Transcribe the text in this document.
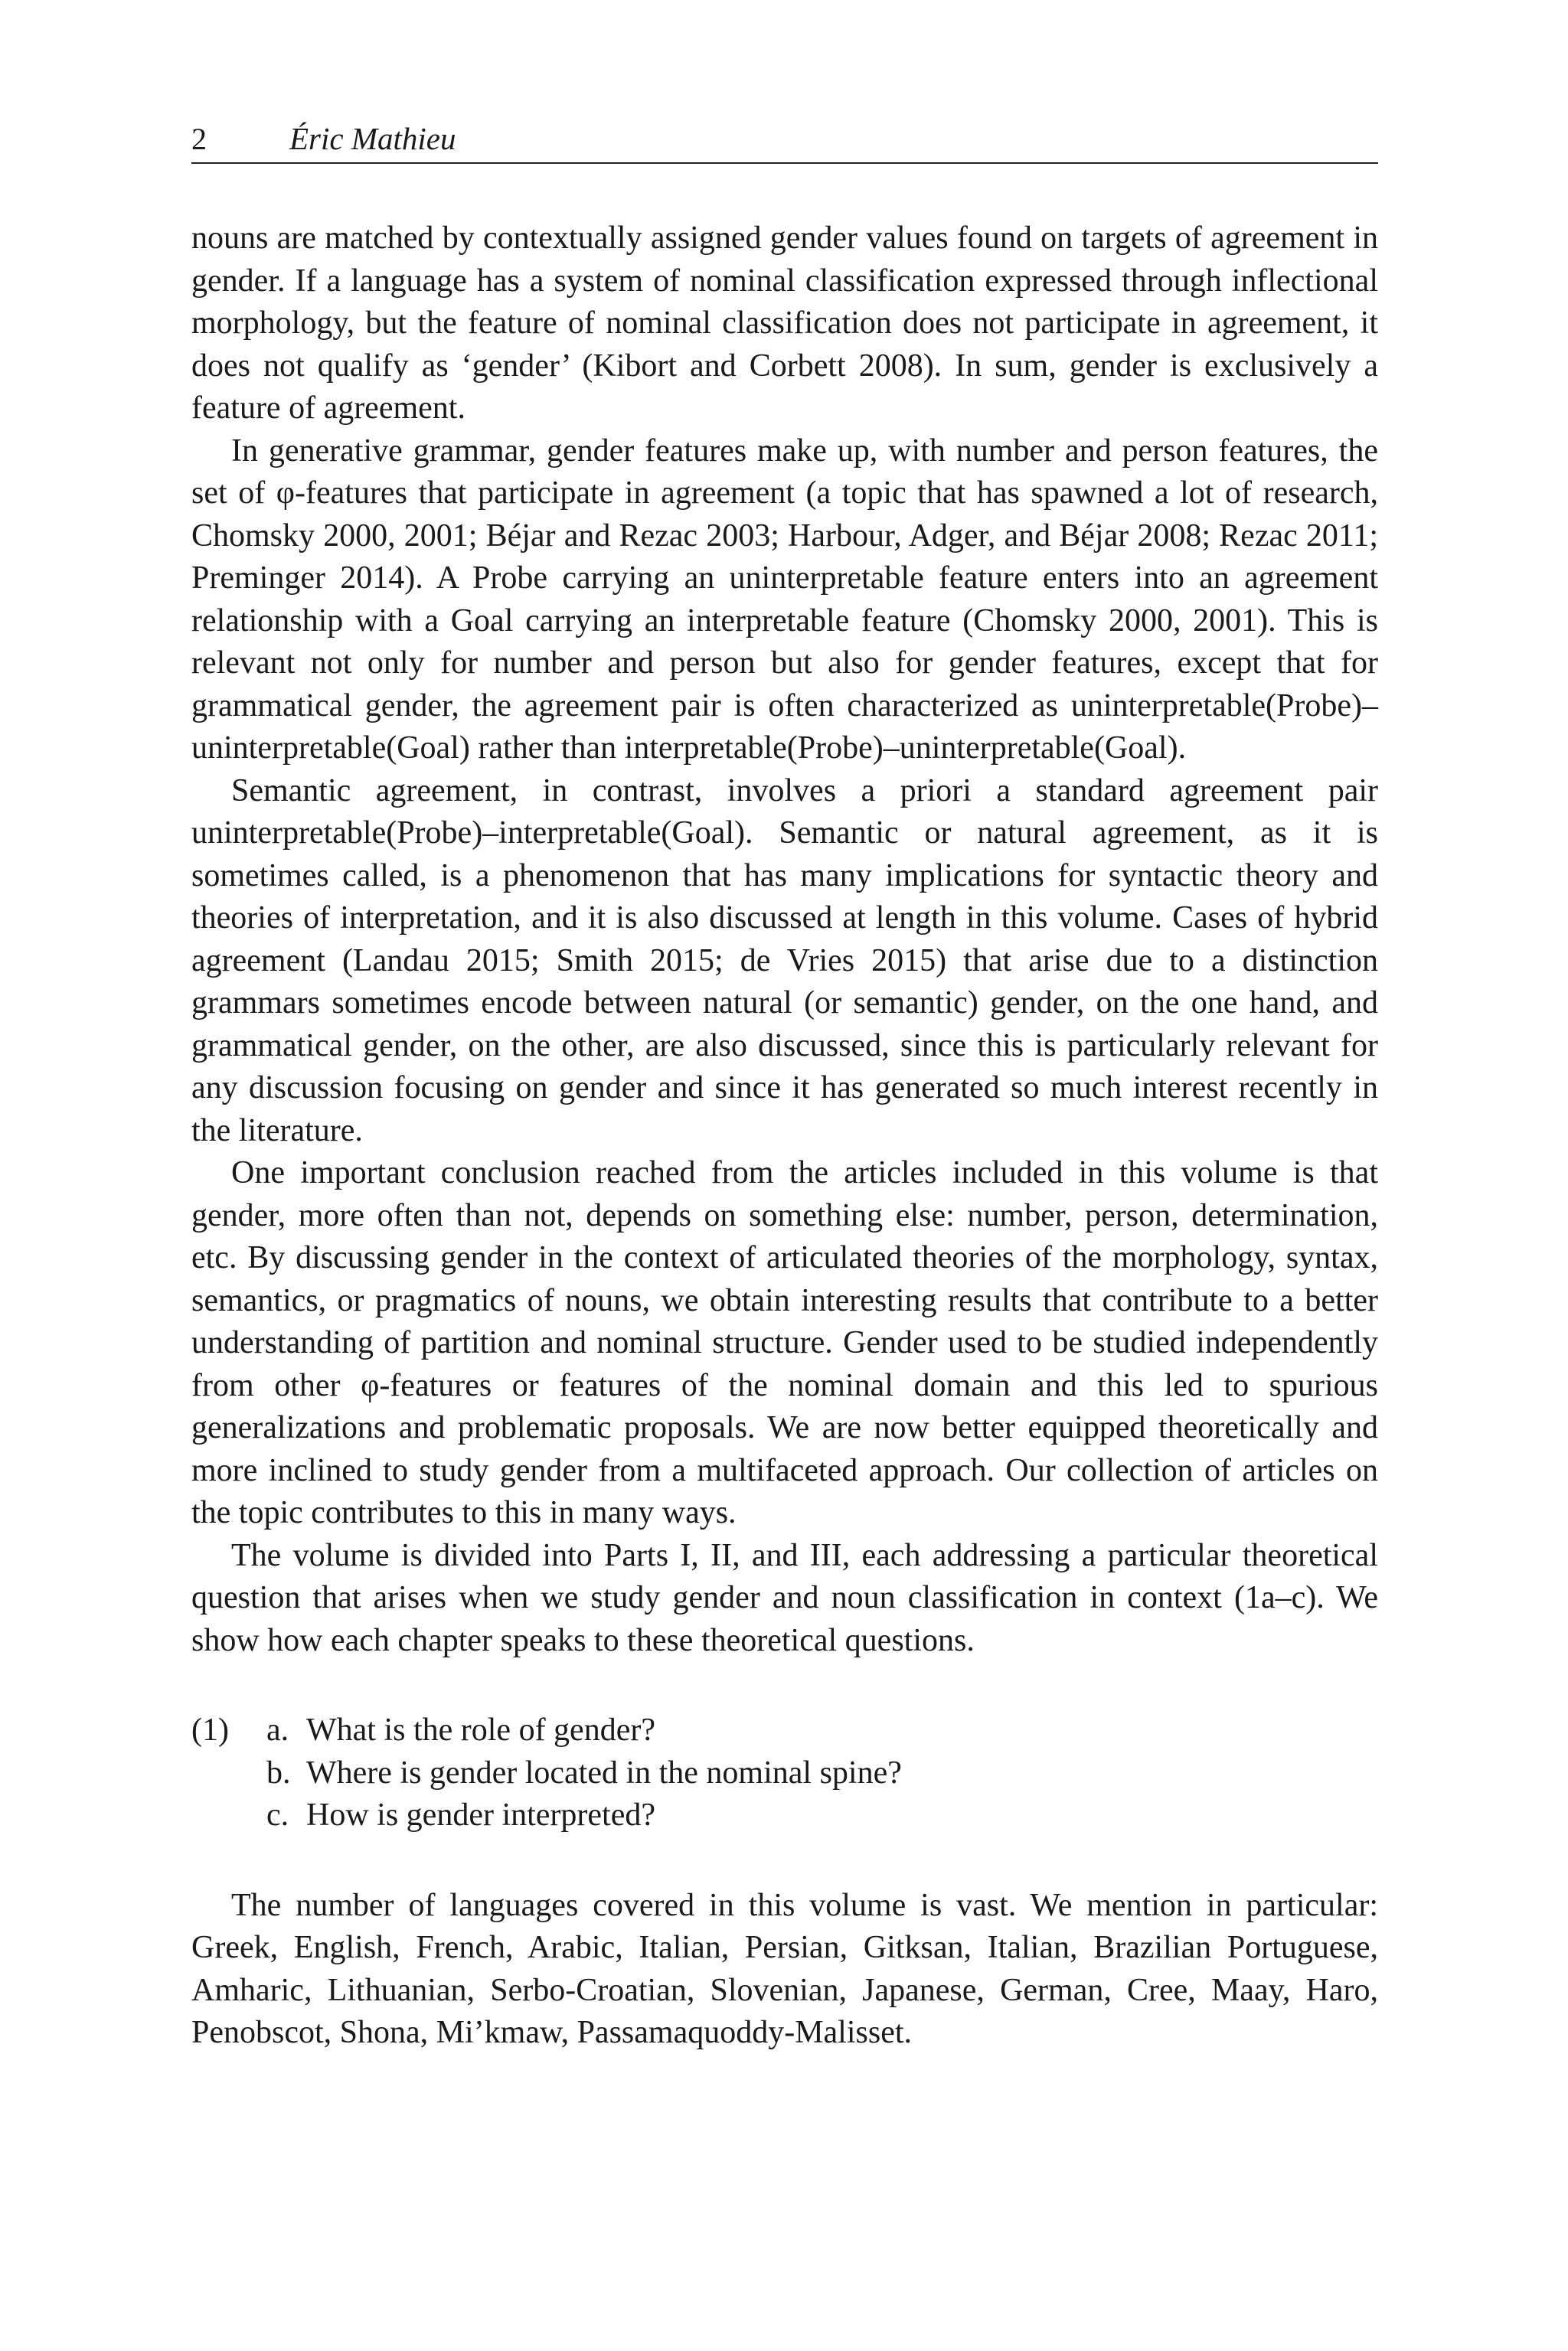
2	Éric Mathieu

nouns are matched by contextually assigned gender values found on targets of agreement in gender. If a language has a system of nominal classification expressed through inflectional morphology, but the feature of nominal classification does not participate in agreement, it does not qualify as ‘gender’ (Kibort and Corbett 2008). In sum, gender is exclusively a feature of agreement.

In generative grammar, gender features make up, with number and person features, the set of φ-features that participate in agreement (a topic that has spawned a lot of research, Chomsky 2000, 2001; Béjar and Rezac 2003; Harbour, Adger, and Béjar 2008; Rezac 2011; Preminger 2014). A Probe carrying an uninterpretable feature enters into an agreement relationship with a Goal carrying an interpretable feature (Chomsky 2000, 2001). This is relevant not only for number and person but also for gender features, except that for grammatical gender, the agreement pair is often characterized as uninterpretable(Probe)–uninterpretable(Goal) rather than interpretable(Probe)–uninterpretable(Goal).

Semantic agreement, in contrast, involves a priori a standard agreement pair uninterpretable(Probe)–interpretable(Goal). Semantic or natural agreement, as it is sometimes called, is a phenomenon that has many implications for syntactic theory and theories of interpretation, and it is also discussed at length in this volume. Cases of hybrid agreement (Landau 2015; Smith 2015; de Vries 2015) that arise due to a distinction grammars sometimes encode between natural (or semantic) gender, on the one hand, and grammatical gender, on the other, are also discussed, since this is particularly relevant for any discussion focusing on gender and since it has generated so much interest recently in the literature.

One important conclusion reached from the articles included in this volume is that gender, more often than not, depends on something else: number, person, determination, etc. By discussing gender in the context of articulated theories of the morphology, syntax, semantics, or pragmatics of nouns, we obtain interesting results that contribute to a better understanding of partition and nominal structure. Gender used to be studied independently from other φ-features or features of the nominal domain and this led to spurious generalizations and problematic proposals. We are now better equipped theoretically and more inclined to study gender from a multifaceted approach. Our collection of articles on the topic contributes to this in many ways.

The volume is divided into Parts I, II, and III, each addressing a particular theoretical question that arises when we study gender and noun classification in context (1a–c). We show how each chapter speaks to these theoretical questions.

(1)	a. What is the role of gender?
b. Where is gender located in the nominal spine?
c. How is gender interpreted?

The number of languages covered in this volume is vast. We mention in particular: Greek, English, French, Arabic, Italian, Persian, Gitksan, Italian, Brazilian Portuguese, Amharic, Lithuanian, Serbo-Croatian, Slovenian, Japanese, German, Cree, Maay, Haro, Penobscot, Shona, Mi’kmaw, Passamaquoddy-Malisset.
